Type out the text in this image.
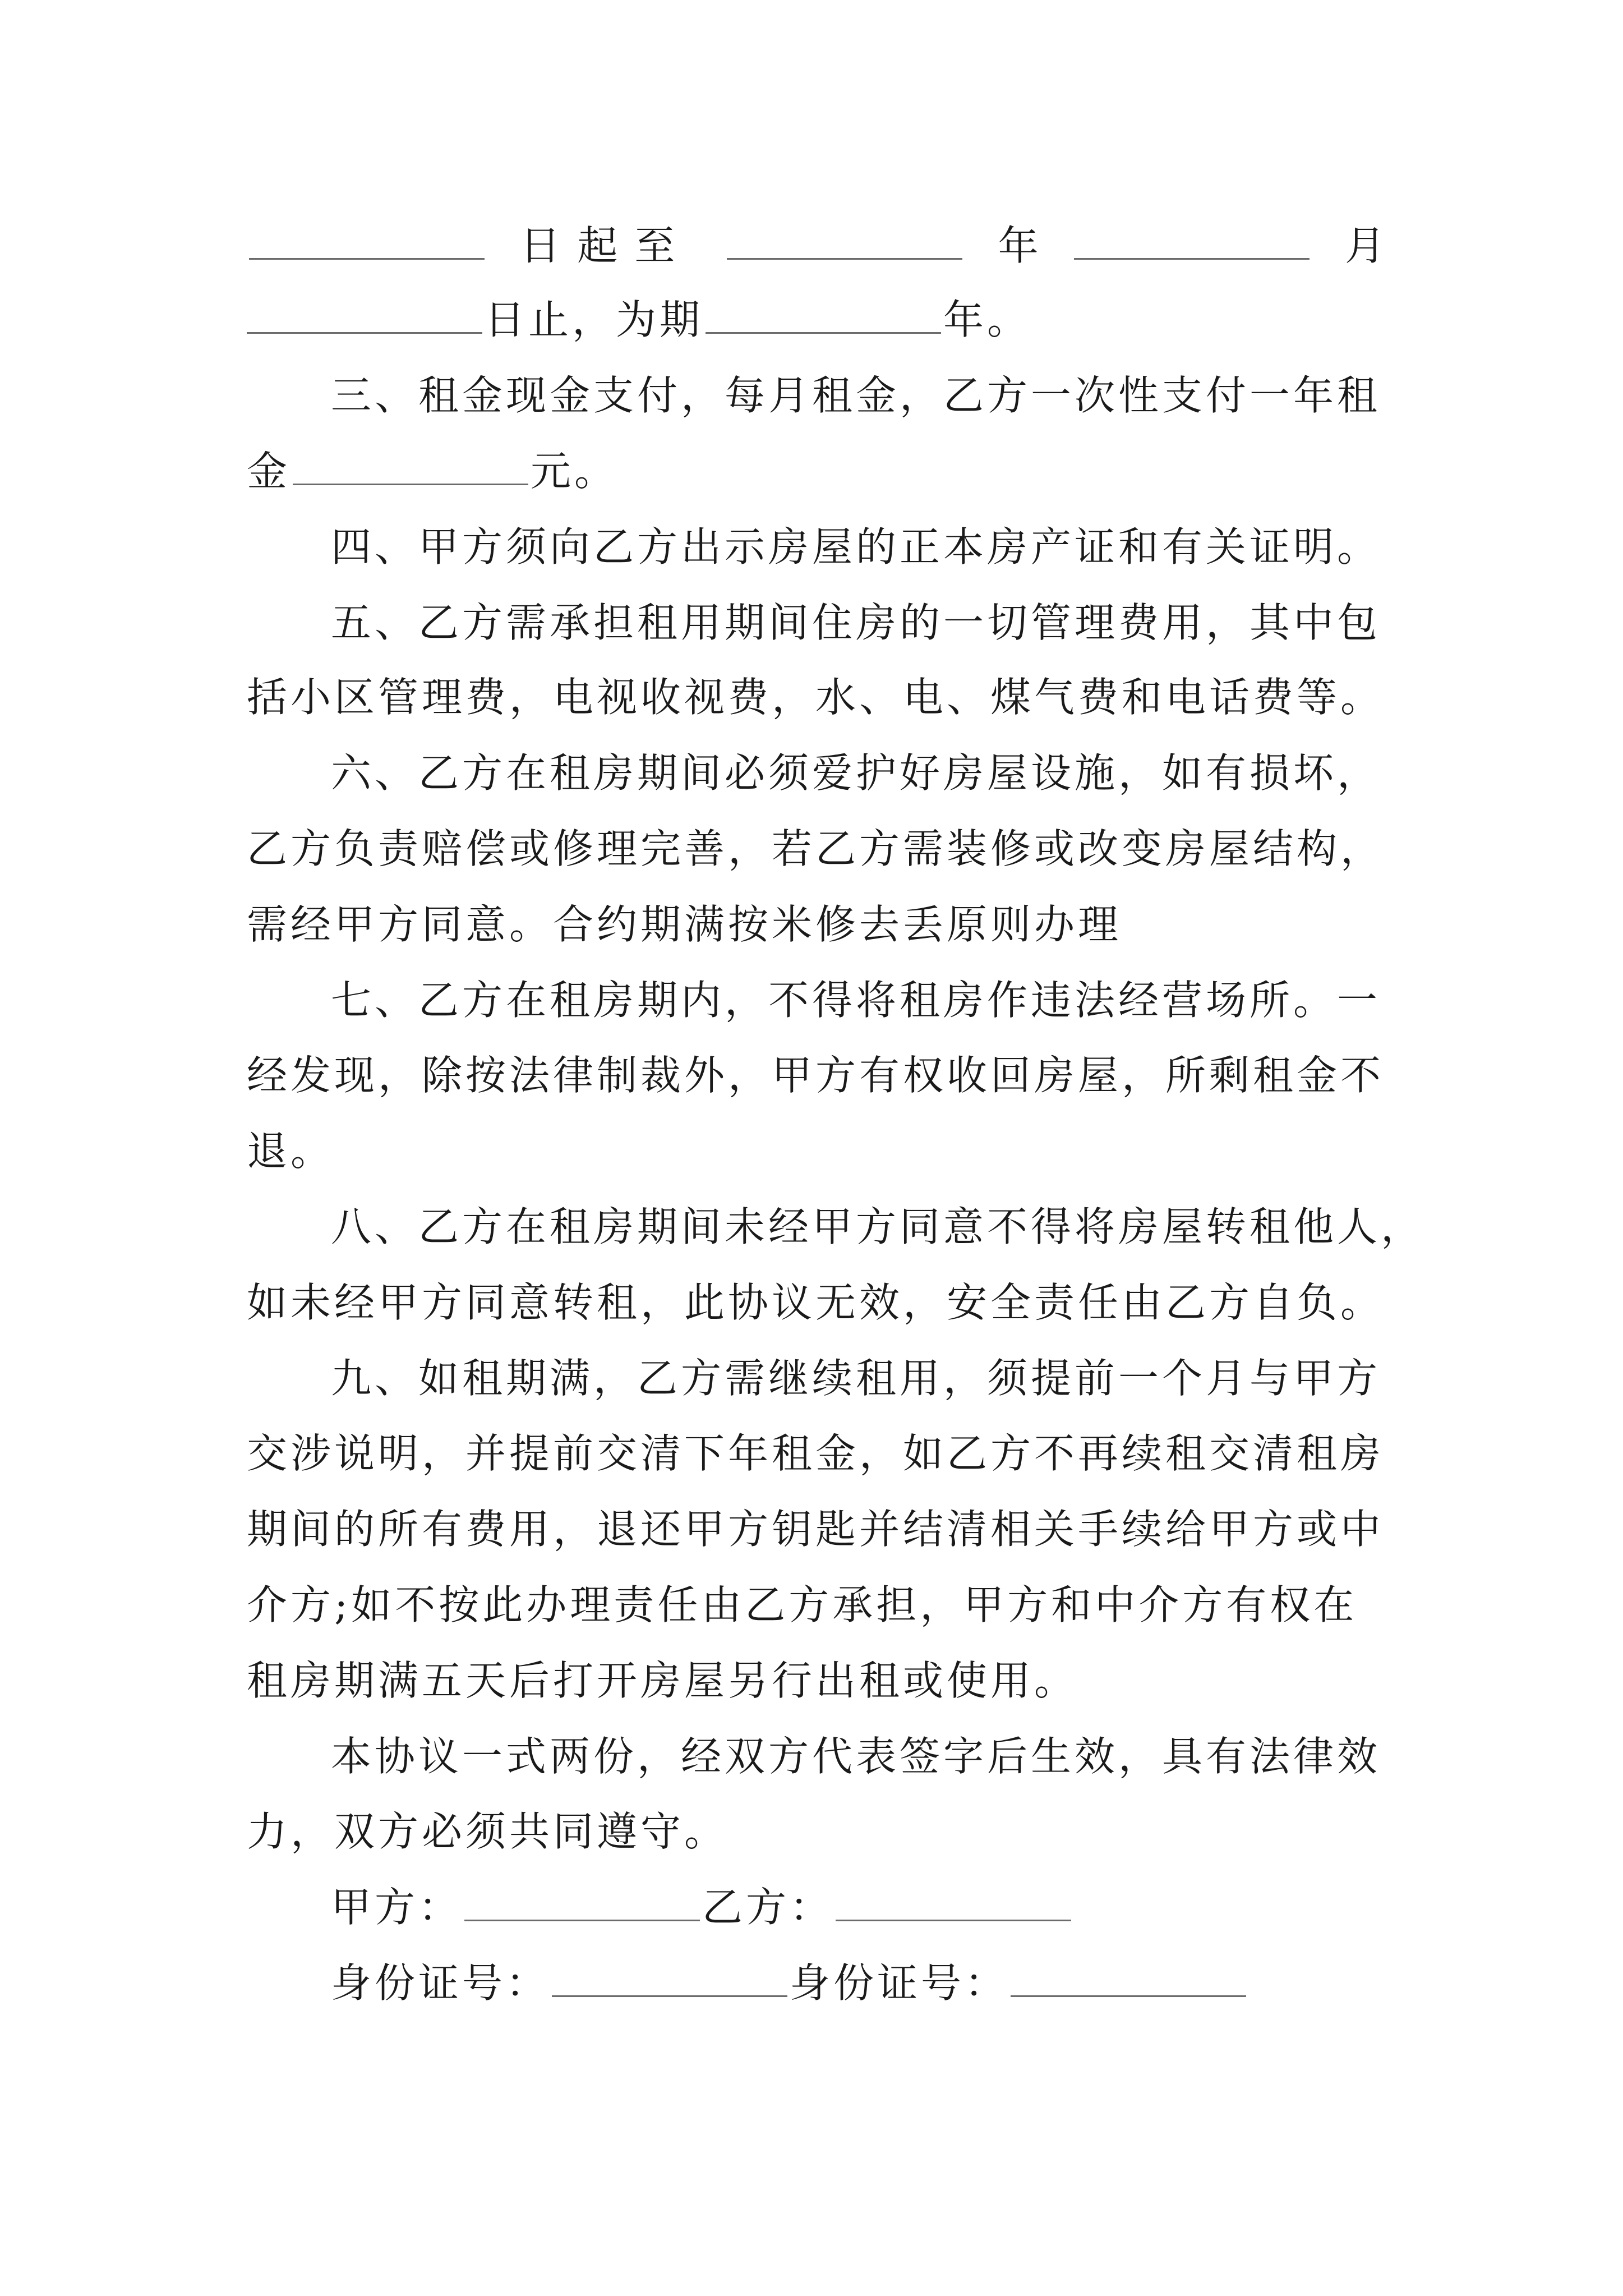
日起至	年	月
日止，为期	年。
三、租金现金支付，每月租金，乙方一次性支付一年租
金	元。
四、甲方须向乙方出示房屋的正本房产证和有关证明。
五、乙方需承担租用期间住房的一切管理费用，其中包
括小区管理费，电视收视费，水、电、煤气费和电话费等。
六、乙方在租房期间必须爱护好房屋设施，如有损坏，
乙方负责赔偿或修理完善，若乙方需装修或改变房屋结构，
需经甲方同意。合约期满按米修去丢原则办理
七、乙方在租房期内，不得将租房作违法经营场所。一
经发现，除按法律制裁外，甲方有权收回房屋，所剩租金不
退。
八、乙方在租房期间未经甲方同意不得将房屋转租他人，
如未经甲方同意转租，此协议无效，安全责任由乙方自负。
九、如租期满，乙方需继续租用，须提前一个月与甲方
交涉说明，并提前交清下年租金，如乙方不再续租交清租房
期间的所有费用，退还甲方钥匙并结清相关手续给甲方或中
介方;如不按此办理责任由乙方承担，甲方和中介方有权在
租房期满五天后打开房屋另行出租或使用。
本协议一式两份，经双方代表签字后生效，具有法律效
力，双方必须共同遵守。
甲方：	乙方：
身份证号：	身份证号：
